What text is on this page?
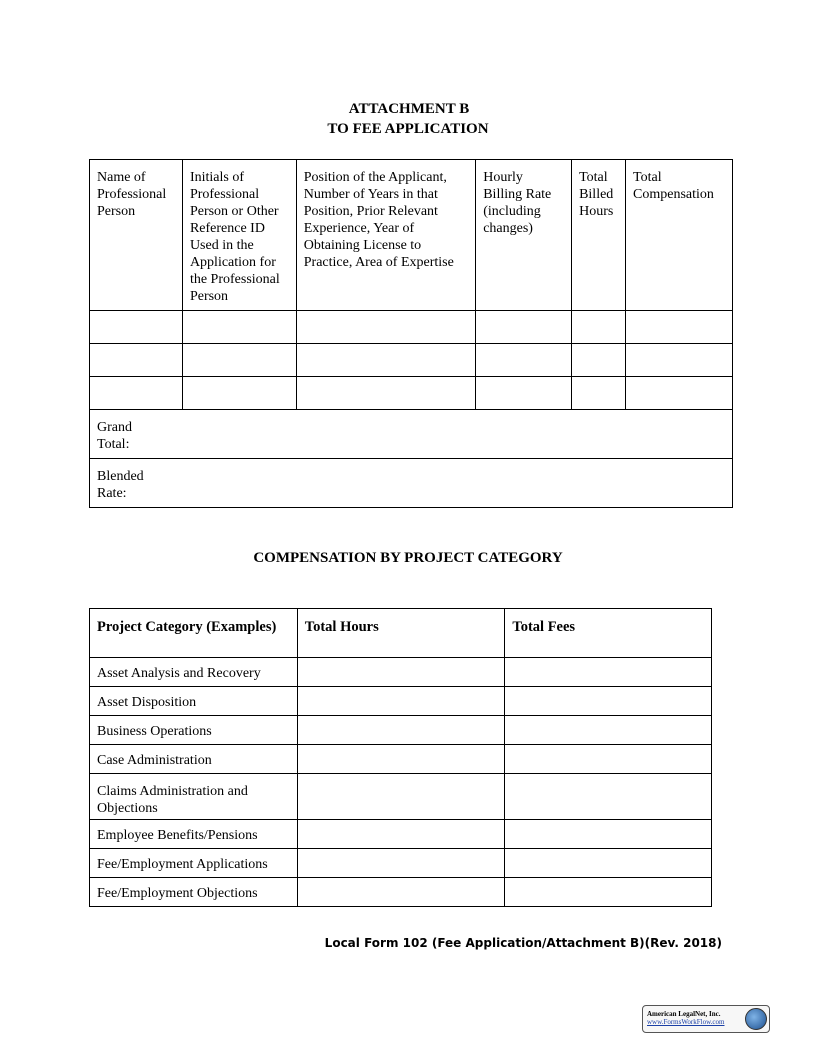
ATTACHMENT B
TO FEE APPLICATION
Name of Professional Person	Initials of Professional Person or Other Reference ID Used in the Application for the Professional Person	Position of the Applicant, Number of Years in that Position, Prior Relevant Experience, Year of Obtaining License to Practice, Area of Expertise	Hourly Billing Rate (including changes)	Total Billed Hours	Total Compensation

Grand Total:					

Blended Rate:					
COMPENSATION BY PROJECT CATEGORY
Project Category (Examples)	Total Hours	Total Fees

Asset Analysis and Recovery		

Asset Disposition		

Business Operations		

Case Administration		

Claims Administration and Objections		

Employee Benefits/Pensions		

Fee/Employment Applications		

Fee/Employment Objections		

Local Form 102 (Fee Application/Attachment B)(Rev. 2018)
American LegalNet, Inc.
www.FormsWorkFlow.com
